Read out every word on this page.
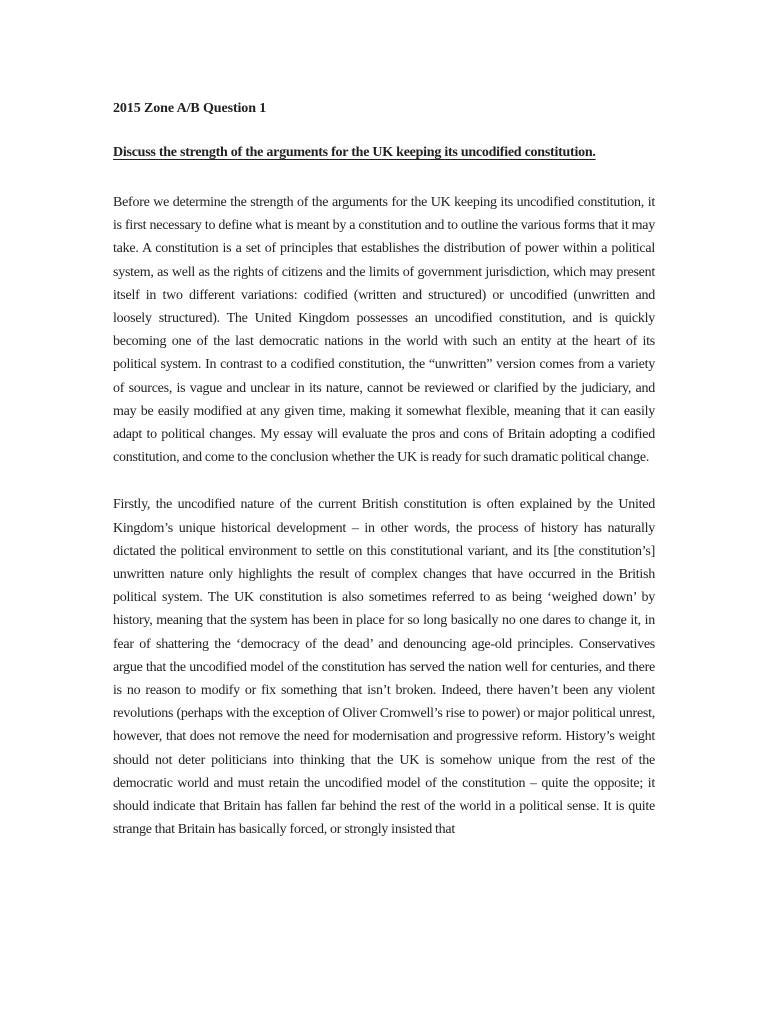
2015 Zone A/B Question 1
Discuss the strength of the arguments for the UK keeping its uncodified constitution.

Before we determine the strength of the arguments for the UK keeping its uncodified constitution, it is first necessary to define what is meant by a constitution and to outline the various forms that it may take. A constitution is a set of principles that establishes the distribution of power within a political system, as well as the rights of citizens and the limits of government jurisdiction, which may present itself in two different variations: codified (written and structured) or uncodified (unwritten and loosely structured). The United Kingdom possesses an uncodified constitution, and is quickly becoming one of the last democratic nations in the world with such an entity at the heart of its political system. In contrast to a codified constitution, the “unwritten” version comes from a variety of sources, is vague and unclear in its nature, cannot be reviewed or clarified by the judiciary, and may be easily modified at any given time, making it somewhat flexible, meaning that it can easily adapt to political changes. My essay will evaluate the pros and cons of Britain adopting a codified constitution, and come to the conclusion whether the UK is ready for such dramatic political change.

Firstly, the uncodified nature of the current British constitution is often explained by the United Kingdom’s unique historical development – in other words, the process of history has naturally dictated the political environment to settle on this constitutional variant, and its [the constitution’s] unwritten nature only highlights the result of complex changes that have occurred in the British political system. The UK constitution is also sometimes referred to as being ‘weighed down’ by history, meaning that the system has been in place for so long basically no one dares to change it, in fear of shattering the ‘democracy of the dead’ and denouncing age-old principles. Conservatives argue that the uncodified model of the constitution has served the nation well for centuries, and there is no reason to modify or fix something that isn’t broken. Indeed, there haven’t been any violent revolutions (perhaps with the exception of Oliver Cromwell’s rise to power) or major political unrest, however, that does not remove the need for modernisation and progressive reform. History’s weight should not deter politicians into thinking that the UK is somehow unique from the rest of the democratic world and must retain the uncodified model of the constitution – quite the opposite; it should indicate that Britain has fallen far behind the rest of the world in a political sense. It is quite strange that Britain has basically forced, or strongly insisted that
